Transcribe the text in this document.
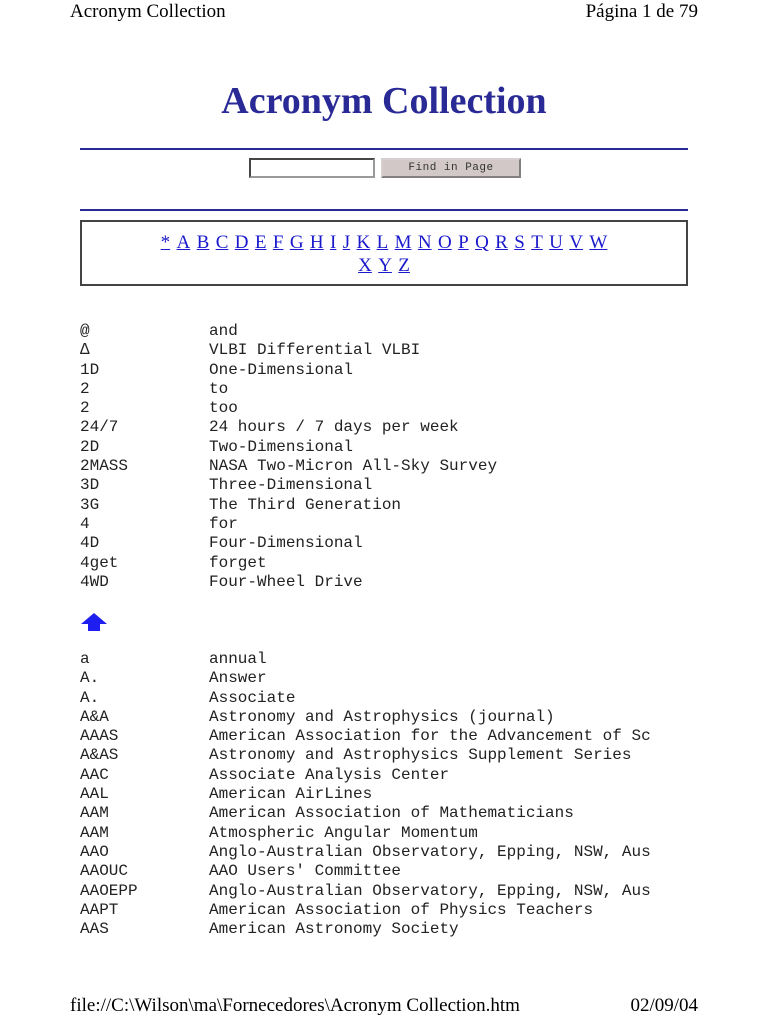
Acronym Collection	Página 1 de 79
Acronym Collection
Find in Page
* A B C D E F G H I J K L M N O P Q R S T U V W
X Y Z
@	and
∆	VLBI Differential VLBI
1D	One-Dimensional
2	to
2	too
24/7	24 hours / 7 days per week
2D	Two-Dimensional
2MASS	NASA Two-Micron All-Sky Survey
3D	Three-Dimensional
3G	The Third Generation
4	for
4D	Four-Dimensional
4get	forget
4WD	Four-Wheel Drive
a	annual
A.	Answer
A.	Associate
A&A	Astronomy and Astrophysics (journal)
AAAS	American Association for the Advancement of Sc
A&AS	Astronomy and Astrophysics Supplement Series
AAC	Associate Analysis Center
AAL	American AirLines
AAM	American Association of Mathematicians
AAM	Atmospheric Angular Momentum
AAO	Anglo-Australian Observatory, Epping, NSW, Aus
AAOUC	AAO Users' Committee
AAOEPP	Anglo-Australian Observatory, Epping, NSW, Aus
AAPT	American Association of Physics Teachers
AAS	American Astronomy Society
file://C:\Wilson\ma\Fornecedores\Acronym Collection.htm	02/09/04
